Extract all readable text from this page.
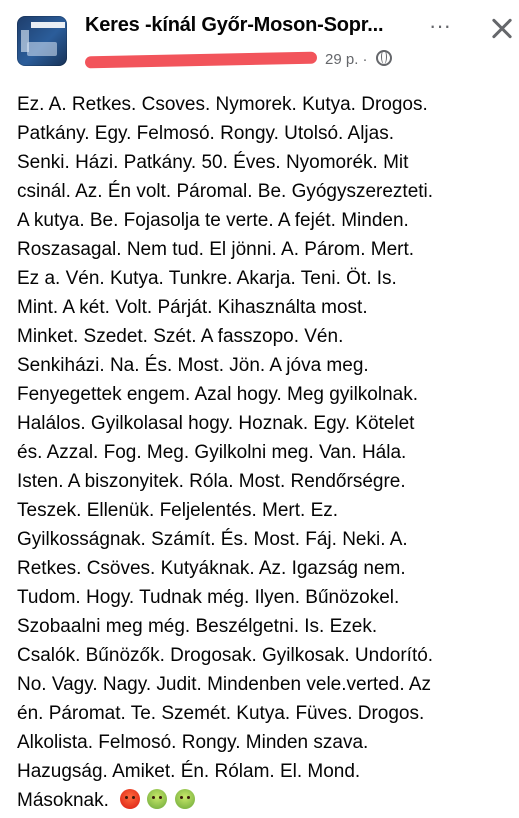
Keres -kínál Győr-Moson-Sopr...
29 p. ·
···
Ez. A. Retkes. Csoves. Nymorek. Kutya. Drogos.
Patkány. Egy. Felmosó. Rongy. Utolsó. Aljas.
Senki. Házi. Patkány. 50. Éves. Nyomorék. Mit
csinál. Az. Én volt. Páromal. Be. Gyógyszerezteti.
A kutya. Be. Fojasolja te verte. A fejét. Minden.
Roszasagal. Nem tud. El jönni. A. Párom. Mert.
Ez a. Vén. Kutya. Tunkre. Akarja. Teni. Öt. Is.
Mint. A két. Volt. Párját. Kihasználta most.
Minket. Szedet. Szét. A fasszopo. Vén.
Senkiházi. Na. És. Most. Jön. A jóva meg.
Fenyegettek engem. Azal hogy. Meg gyilkolnak.
Halálos. Gyilkolasal hogy. Hoznak. Egy. Kötelet
és. Azzal. Fog. Meg. Gyilkolni meg. Van. Hála.
Isten. A biszonyitek. Róla. Most. Rendőrségre.
Teszek. Ellenük. Feljelentés. Mert. Ez.
Gyilkosságnak. Számít. És. Most. Fáj. Neki. A.
Retkes. Csöves. Kutyáknak. Az. Igazság nem.
Tudom. Hogy. Tudnak még. Ilyen. Bűnözokel.
Szobaalni meg még. Beszélgetni. Is. Ezek.
Csalók. Bűnözők. Drogosak. Gyilkosak. Undorító.
No. Vagy. Nagy. Judit. Mindenben vele.verted. Az
én. Páromat. Te. Szemét. Kutya. Füves. Drogos.
Alkolista. Felmosó. Rongy. Minden szava.
Hazugság. Amiket. Én. Rólam. El. Mond.
Másoknak.
